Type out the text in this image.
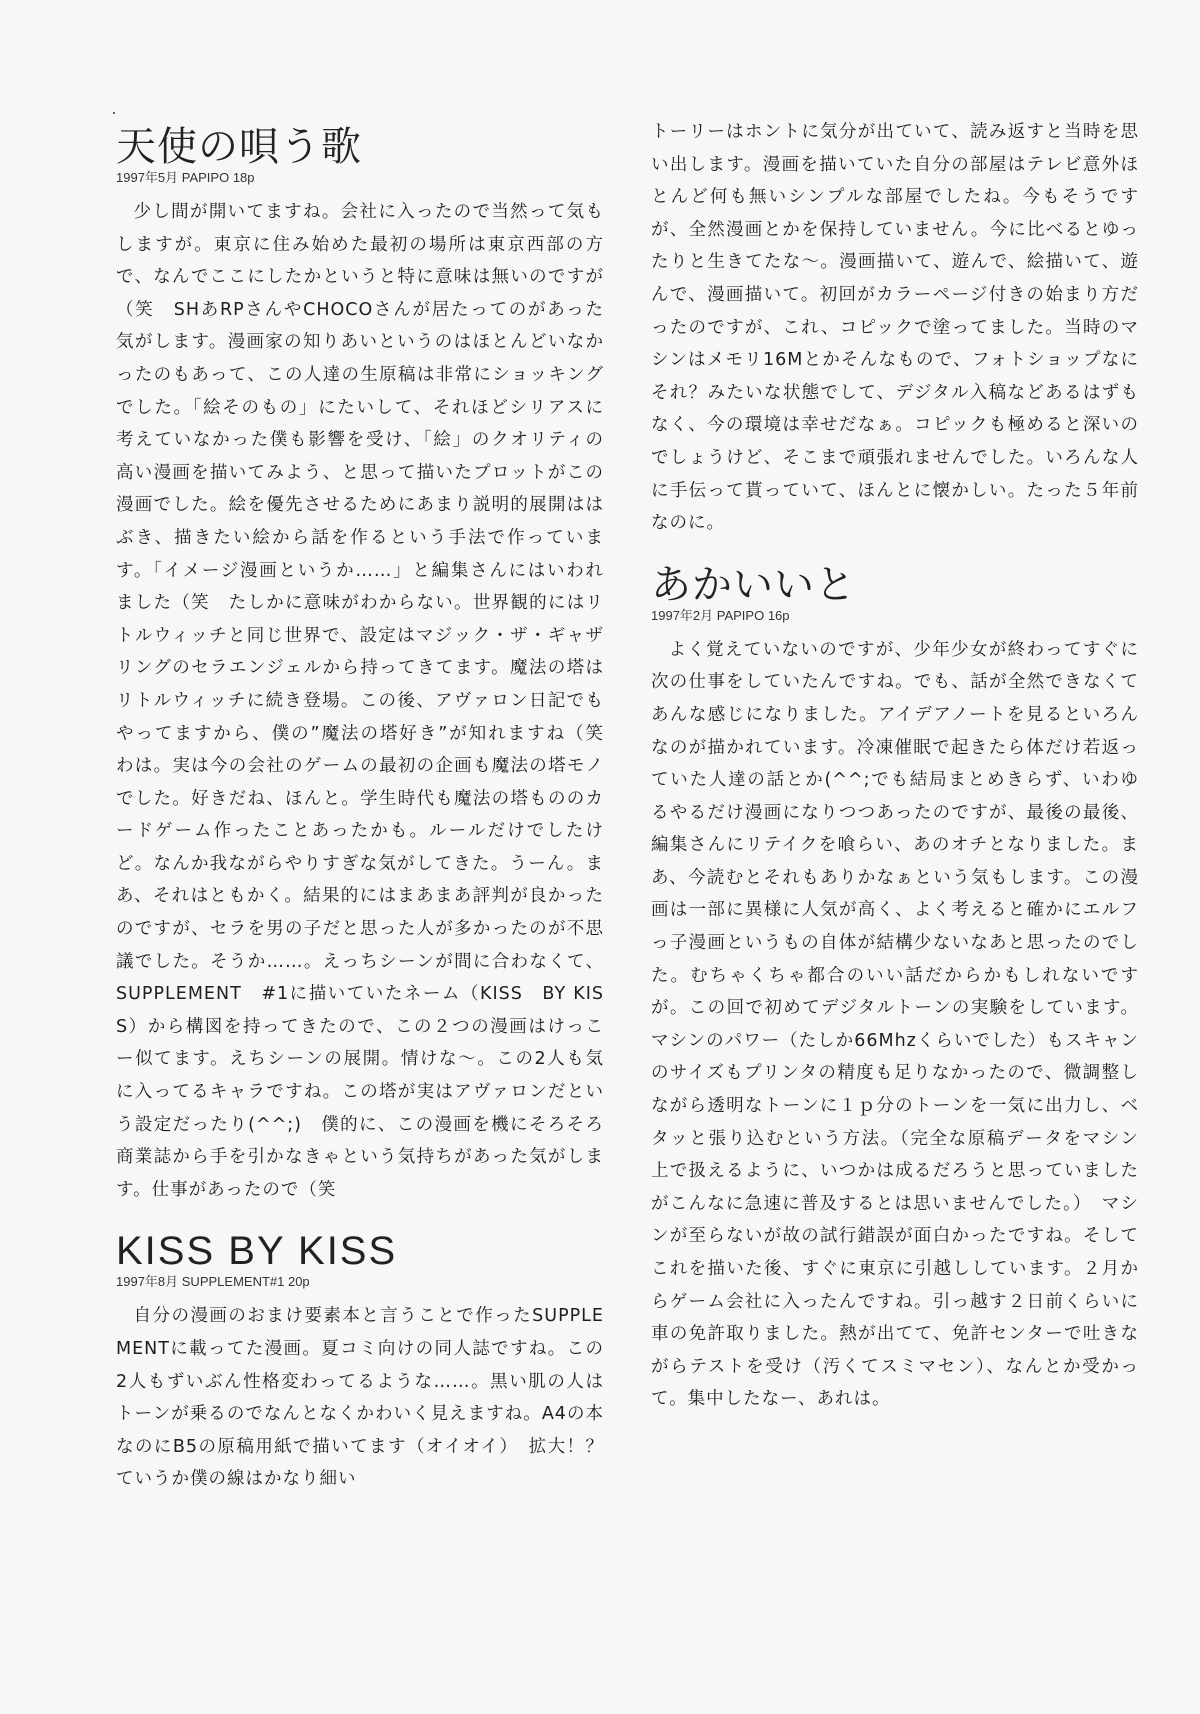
天使の唄う歌

1997年5月 PAPIPO 18p

少し間が開いてますね。会社に入ったので当然って気もしますが。東京に住み始めた最初の場所は東京西部の方で、なんでここにしたかというと特に意味は無いのですが（笑　SHあRPさんやCHOCOさんが居たってのがあった気がします。漫画家の知りあいというのはほとんどいなかったのもあって、この人達の生原稿は非常にショッキングでした。「絵そのもの」にたいして、それほどシリアスに考えていなかった僕も影響を受け、「絵」のクオリティの高い漫画を描いてみよう、と思って描いたプロットがこの漫画でした。絵を優先させるためにあまり説明的展開ははぶき、描きたい絵から話を作るという手法で作っています。「イメージ漫画というか……」と編集さんにはいわれました（笑　たしかに意味がわからない。世界観的にはリトルウィッチと同じ世界で、設定はマジック・ザ・ギャザリングのセラエンジェルから持ってきてます。魔法の塔はリトルウィッチに続き登場。この後、アヴァロン日記でもやってますから、僕の”魔法の塔好き”が知れますね（笑　わは。実は今の会社のゲームの最初の企画も魔法の塔モノでした。好きだね、ほんと。学生時代も魔法の塔もののカードゲーム作ったことあったかも。ルールだけでしたけど。なんか我ながらやりすぎな気がしてきた。うーん。まあ、それはともかく。結果的にはまあまあ評判が良かったのですが、セラを男の子だと思った人が多かったのが不思議でした。そうか……。えっちシーンが間に合わなくて、SUPPLEMENT　#1に描いていたネーム（KISS　BY KISS）から構図を持ってきたので、この２つの漫画はけっこー似てます。えちシーンの展開。情けな～。この2人も気に入ってるキャラですね。この塔が実はアヴァロンだという設定だったり(^^;)　僕的に、この漫画を機にそろそろ商業誌から手を引かなきゃという気持ちがあった気がします。仕事があったので（笑

KISS BY KISS

1997年8月 SUPPLEMENT#1 20p

自分の漫画のおまけ要素本と言うことで作ったSUPPLEMENTに載ってた漫画。夏コミ向けの同人誌ですね。この2人もずいぶん性格変わってるような……。黒い肌の人はトーンが乗るのでなんとなくかわいく見えますね。A4の本なのにB5の原稿用紙で描いてます（オイオイ）　拡大！？ていうか僕の線はかなり細い

トーリーはホントに気分が出ていて、読み返すと当時を思い出します。漫画を描いていた自分の部屋はテレビ意外ほとんど何も無いシンプルな部屋でしたね。今もそうですが、全然漫画とかを保持していません。今に比べるとゆったりと生きてたな～。漫画描いて、遊んで、絵描いて、遊んで、漫画描いて。初回がカラーページ付きの始まり方だったのですが、これ、コピックで塗ってました。当時のマシンはメモリ16Mとかそんなもので、フォトショップなにそれ？みたいな状態でして、デジタル入稿などあるはずもなく、今の環境は幸せだなぁ。コピックも極めると深いのでしょうけど、そこまで頑張れませんでした。いろんな人に手伝って貰っていて、ほんとに懐かしい。たった５年前なのに。

あかいいと

1997年2月 PAPIPO 16p

よく覚えていないのですが、少年少女が終わってすぐに次の仕事をしていたんですね。でも、話が全然できなくてあんな感じになりました。アイデアノートを見るといろんなのが描かれています。冷凍催眠で起きたら体だけ若返っていた人達の話とか(^^;でも結局まとめきらず、いわゆるやるだけ漫画になりつつあったのですが、最後の最後、編集さんにリテイクを喰らい、あのオチとなりました。まあ、今読むとそれもありかなぁという気もします。この漫画は一部に異様に人気が高く、よく考えると確かにエルフっ子漫画というもの自体が結構少ないなあと思ったのでした。むちゃくちゃ都合のいい話だからかもしれないですが。この回で初めてデジタルトーンの実験をしています。マシンのパワー（たしか66Mhzくらいでした）もスキャンのサイズもプリンタの精度も足りなかったので、微調整しながら透明なトーンに１ｐ分のトーンを一気に出力し、ベタッと張り込むという方法。（完全な原稿データをマシン上で扱えるように、いつかは成るだろうと思っていましたがこんなに急速に普及するとは思いませんでした。）　マシンが至らないが故の試行錯誤が面白かったですね。そしてこれを描いた後、すぐに東京に引越ししています。２月からゲーム会社に入ったんですね。引っ越す２日前くらいに車の免許取りました。熱が出てて、免許センターで吐きながらテストを受け（汚くてスミマセン）、なんとか受かって。集中したなー、あれは。
